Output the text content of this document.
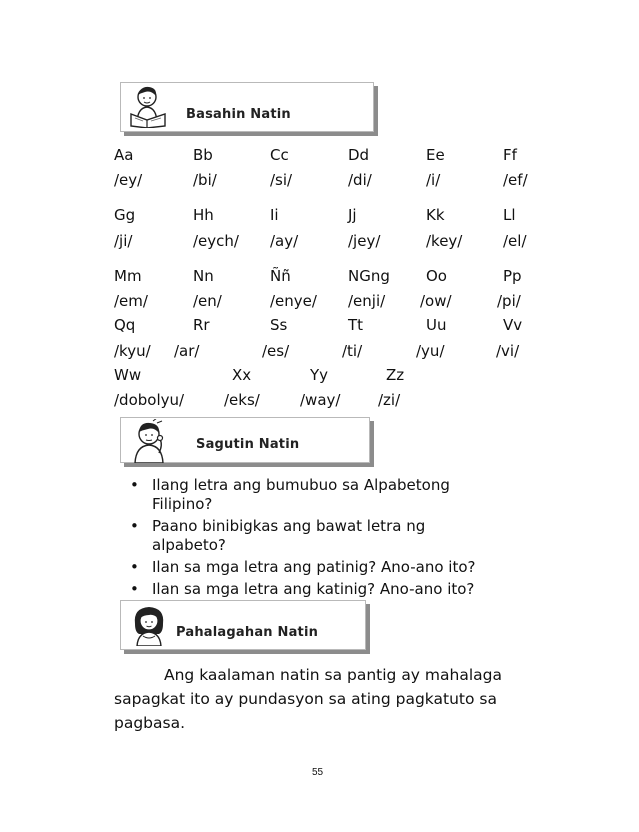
Basahin Natin
Aa	Bb	Cc	Dd	Ee	Ff
/ey/	/bi/	/si/	/di/	/i/	/ef/
Gg	Hh	Ii	Jj	Kk	Ll
/ji/	/eych/ /ay/	/jey/	/key/	/el/
Mm	Nn	Ññ	NGng Oo	Pp
/em/	/en/	/enye/ /enji/ /ow/	/pi/
Qq	Rr	Ss	Tt	Uu	Vv
/kyu/ /ar/	/es/	/ti/	/yu/	/vi/
Ww	Xx	Yy	Zz
/dobolyu/	/eks/	/way/	/zi/
Sagutin Natin
• Ilang letra ang bumubuo sa Alpabetong
Filipino?
• Paano binibigkas ang bawat letra ng
alpabeto?
• Ilan sa mga letra ang patinig? Ano-ano ito?
• Ilan sa mga letra ang katinig? Ano-ano ito?
Pahalagahan Natin
Ang kaalaman natin sa pantig ay mahalaga
sapagkat ito ay pundasyon sa ating pagkatuto sa
pagbasa.
55
